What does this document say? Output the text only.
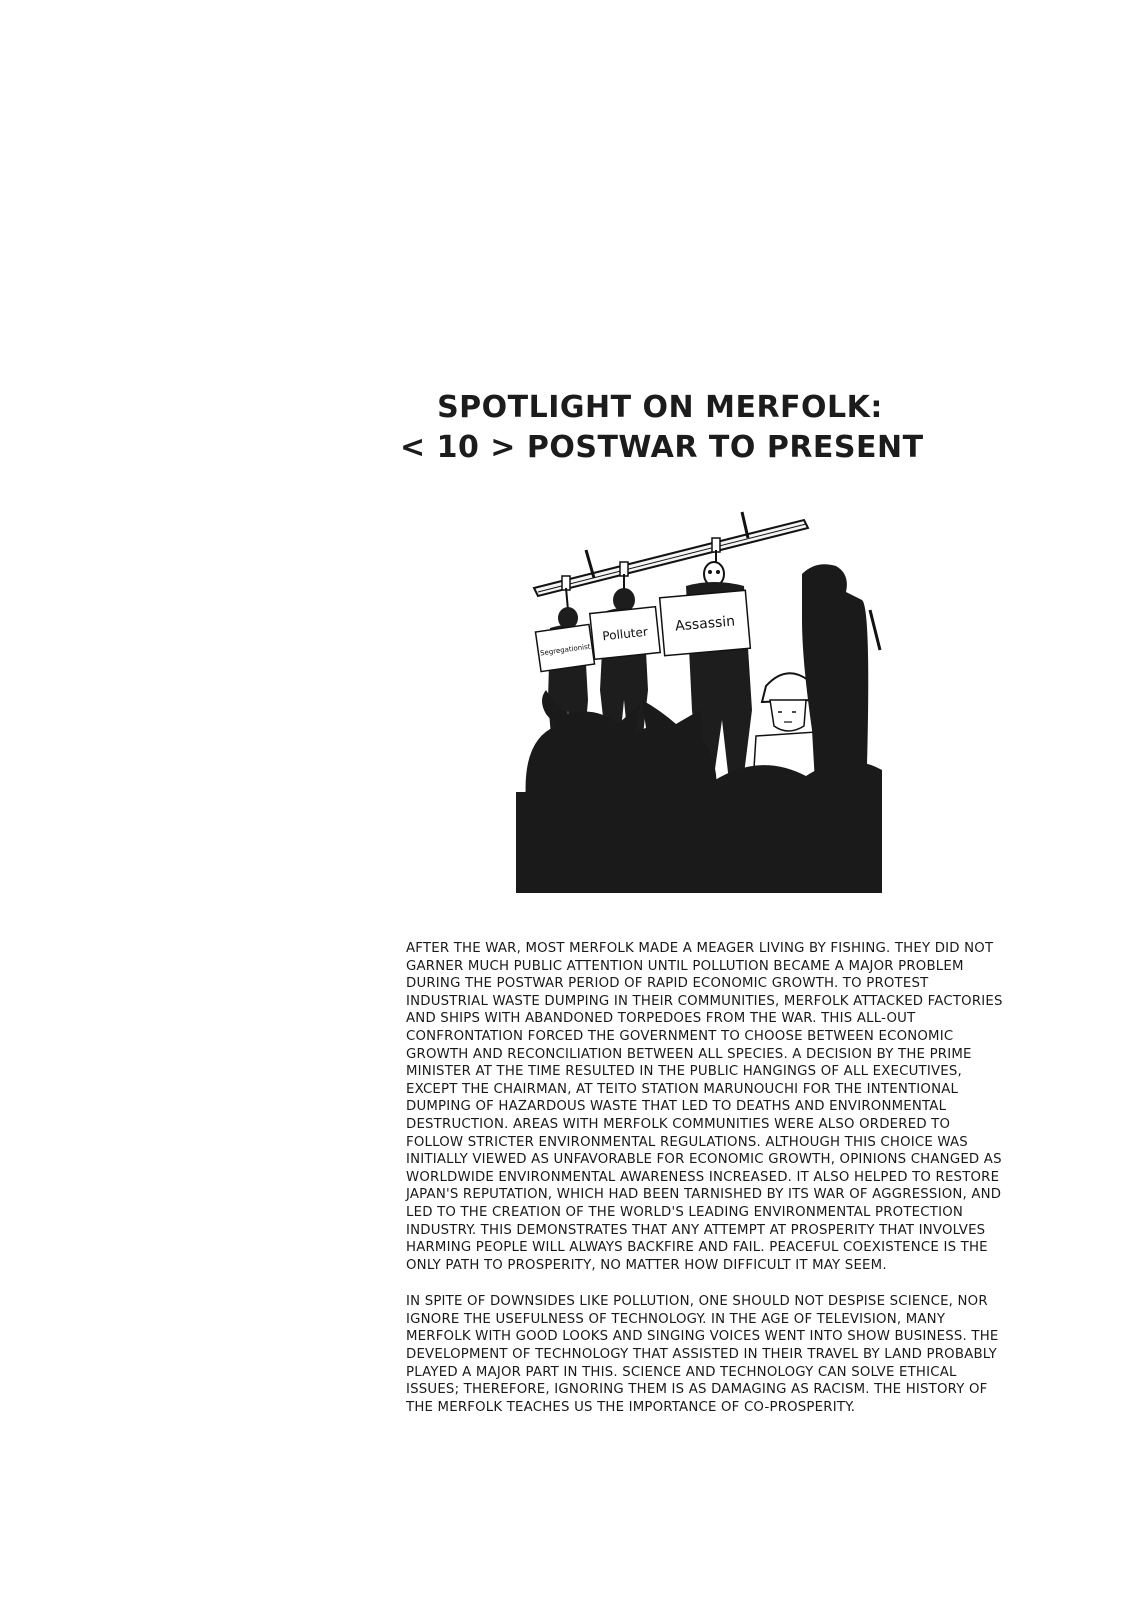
SPOTLIGHT ON MERFOLK:
< 10 > POSTWAR TO PRESENT
Segregationist
Polluter Assassin

AFTER THE WAR, MOST MERFOLK MADE A MEAGER LIVING BY FISHING. THEY DID NOT GARNER MUCH PUBLIC ATTENTION UNTIL POLLUTION BECAME A MAJOR PROBLEM DURING THE POSTWAR PERIOD OF RAPID ECONOMIC GROWTH. TO PROTEST INDUSTRIAL WASTE DUMPING IN THEIR COMMUNITIES, MERFOLK ATTACKED FACTORIES AND SHIPS WITH ABANDONED TORPEDOES FROM THE WAR. THIS ALL-OUT CONFRONTATION FORCED THE GOVERNMENT TO CHOOSE BETWEEN ECONOMIC GROWTH AND RECONCILIATION BETWEEN ALL SPECIES. A DECISION BY THE PRIME MINISTER AT THE TIME RESULTED IN THE PUBLIC HANGINGS OF ALL EXECUTIVES, EXCEPT THE CHAIRMAN, AT TEITO STATION MARUNOUCHI FOR THE INTENTIONAL DUMPING OF HAZARDOUS WASTE THAT LED TO DEATHS AND ENVIRONMENTAL DESTRUCTION. AREAS WITH MERFOLK COMMUNITIES WERE ALSO ORDERED TO FOLLOW STRICTER ENVIRONMENTAL REGULATIONS. ALTHOUGH THIS CHOICE WAS INITIALLY VIEWED AS UNFAVORABLE FOR ECONOMIC GROWTH, OPINIONS CHANGED AS WORLDWIDE ENVIRONMENTAL AWARENESS INCREASED. IT ALSO HELPED TO RESTORE JAPAN'S REPUTATION, WHICH HAD BEEN TARNISHED BY ITS WAR OF AGGRESSION, AND LED TO THE CREATION OF THE WORLD'S LEADING ENVIRONMENTAL PROTECTION INDUSTRY. THIS DEMONSTRATES THAT ANY ATTEMPT AT PROSPERITY THAT INVOLVES HARMING PEOPLE WILL ALWAYS BACKFIRE AND FAIL. PEACEFUL COEXISTENCE IS THE ONLY PATH TO PROSPERITY, NO MATTER HOW DIFFICULT IT MAY SEEM.

IN SPITE OF DOWNSIDES LIKE POLLUTION, ONE SHOULD NOT DESPISE SCIENCE, NOR IGNORE THE USEFULNESS OF TECHNOLOGY. IN THE AGE OF TELEVISION, MANY MERFOLK WITH GOOD LOOKS AND SINGING VOICES WENT INTO SHOW BUSINESS. THE DEVELOPMENT OF TECHNOLOGY THAT ASSISTED IN THEIR TRAVEL BY LAND PROBABLY PLAYED A MAJOR PART IN THIS. SCIENCE AND TECHNOLOGY CAN SOLVE ETHICAL ISSUES; THEREFORE, IGNORING THEM IS AS DAMAGING AS RACISM. THE HISTORY OF THE MERFOLK TEACHES US THE IMPORTANCE OF CO-PROSPERITY.
